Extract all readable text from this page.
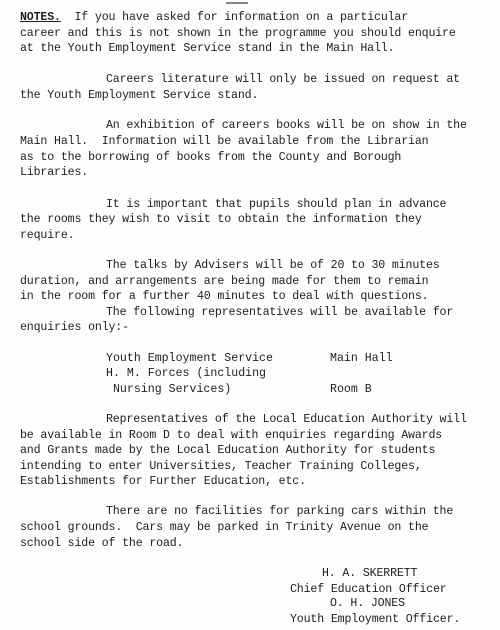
NOTES. If you have asked for information on a particular
career and this is not shown in the programme you should enquire
at the Youth Employment Service stand in the Main Hall.
Careers literature will only be issued on request at
the Youth Employment Service stand.
An exhibition of careers books will be on show in the
Main Hall.  Information will be available from the Librarian
as to the borrowing of books from the County and Borough
Libraries.
It is important that pupils should plan in advance
the rooms they wish to visit to obtain the information they
require.
The talks by Advisers will be of 20 to 30 minutes
duration, and arrangements are being made for them to remain
in the room for a further 40 minutes to deal with questions.
The following representatives will be available for
enquiries only:-
Youth Employment Service	Main Hall
H. M. Forces (including
Nursing Services)	Room B
Representatives of the Local Education Authority will
be available in Room D to deal with enquiries regarding Awards
and Grants made by the Local Education Authority for students
intending to enter Universities, Teacher Training Colleges,
Establishments for Further Education, etc.
There are no facilities for parking cars within the
school grounds.  Cars may be parked in Trinity Avenue on the
school side of the road.
H. A. SKERRETT
Chief Education Officer
O. H. JONES
Youth Employment Officer.
